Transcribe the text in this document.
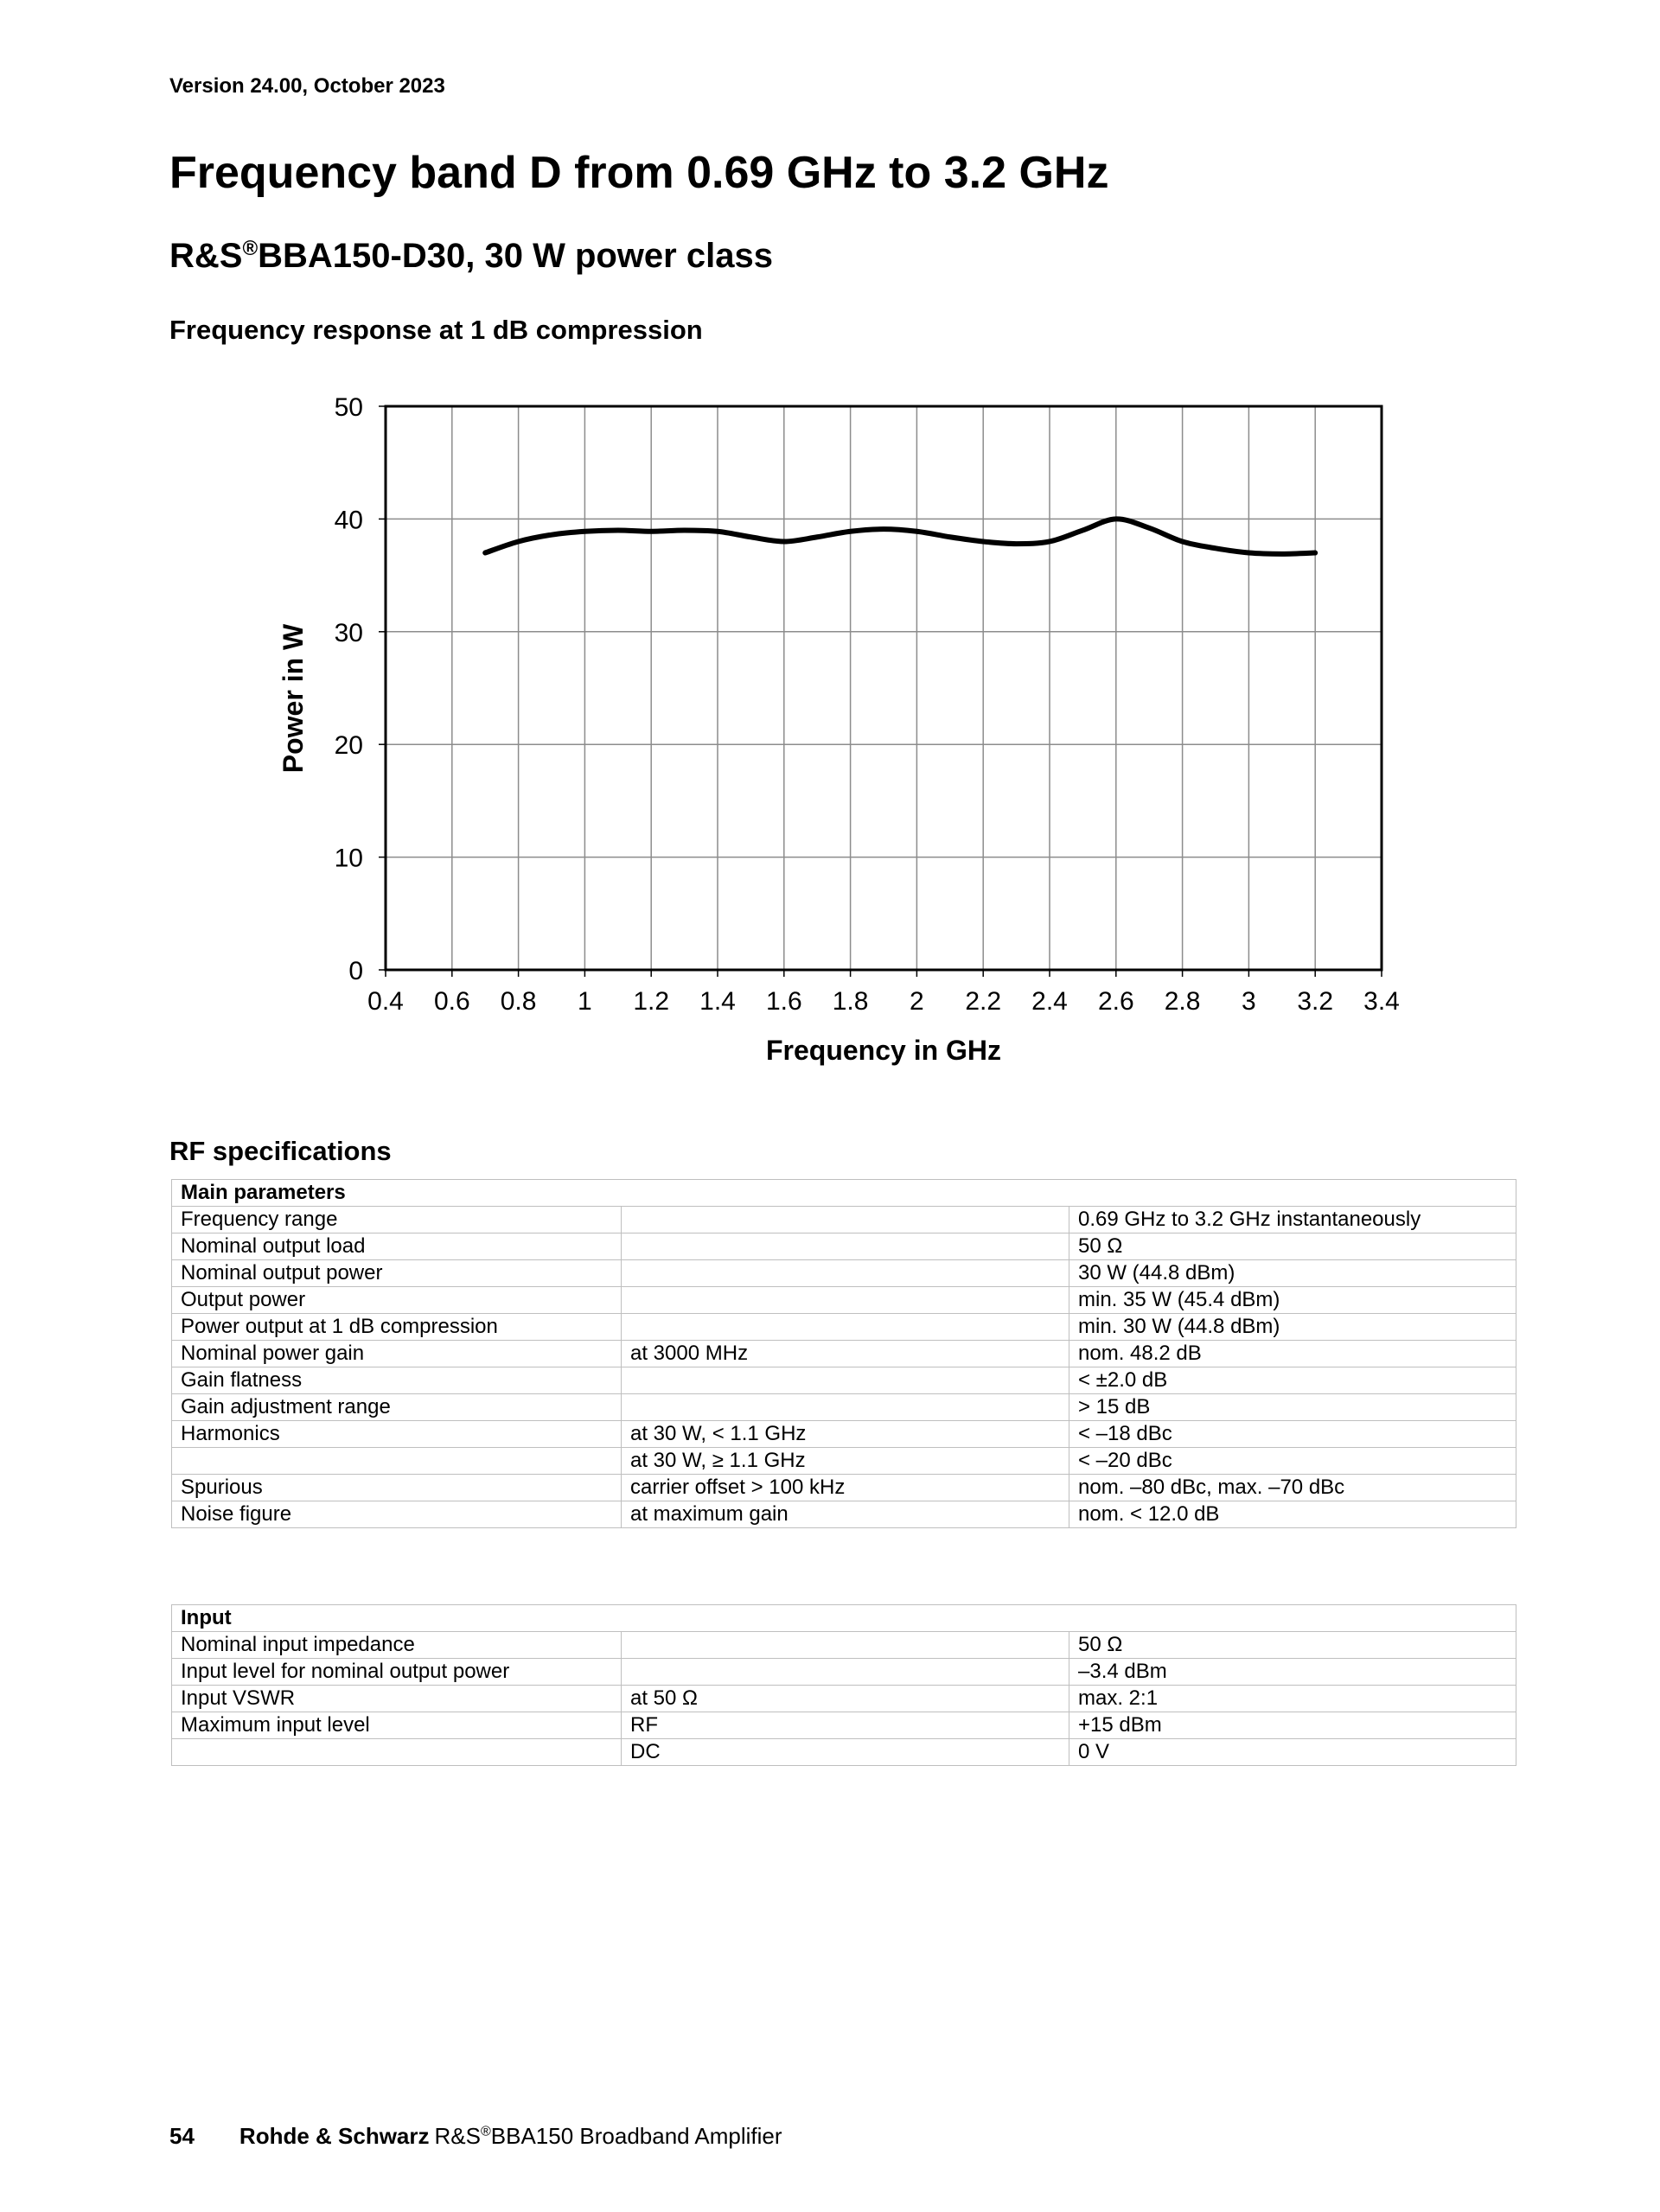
Version 24.00, October 2023
Frequency band D from 0.69 GHz to 3.2 GHz
R&S®BBA150-D30, 30 W power class
Frequency response at 1 dB compression
0.4 0.6 0.8 1 1.2 1.4 1.6 1.8 2 2.2 2.4 2.6 2.8 3 3.2 3.4
0
10
20
30
40
50
Frequency in GHz
Power in W
RF specifications
Main parameters		
Frequency range		0.69 GHz to 3.2 GHz instantaneously
Nominal output load		50 Ω
Nominal output power		30 W (44.8 dBm)
Output power		min. 35 W (45.4 dBm)
Power output at 1 dB compression		min. 30 W (44.8 dBm)
Nominal power gain	at 3000 MHz	nom. 48.2 dB
Gain flatness		< ±2.0 dB
Gain adjustment range		> 15 dB
Harmonics	at 30 W, < 1.1 GHz	< –18 dBc
	at 30 W, ≥ 1.1 GHz	< –20 dBc
Spurious	carrier offset > 100 kHz	nom. –80 dBc, max. –70 dBc
Noise figure	at maximum gain	nom. < 12.0 dB
Input		
Nominal input impedance		50 Ω
Input level for nominal output power		–3.4 dBm
Input VSWR	at 50 Ω	max. 2:1
Maximum input level	RF	+15 dBm
	DC	0 V
54 Rohde & Schwarz R&S®BBA150 Broadband Amplifier
